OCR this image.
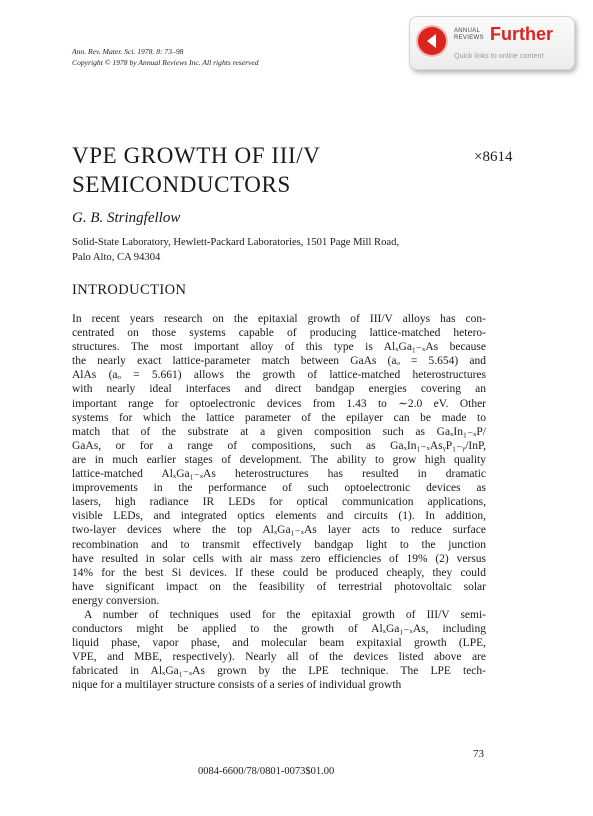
Ann. Rev. Mater. Sci. 1978. 8: 73–98
Copyright © 1978 by Annual Reviews Inc. All rights reserved
ANNUAL
REVIEWS Further
Quick links to online content
VPE GROWTH OF III/V
SEMICONDUCTORS
×8614
G. B. Stringfellow
Solid-State Laboratory, Hewlett-Packard Laboratories, 1501 Page Mill Road,
Palo Alto, CA 94304
INTRODUCTION

In recent years research on the epitaxial growth of III/V alloys has con-

centrated on those systems capable of producing lattice-matched hetero-

structures. The most important alloy of this type is AlₓGa₁₋ₓAs because

the nearly exact lattice-parameter match between GaAs (aₒ = 5.654) and

AlAs (aₒ = 5.661) allows the growth of lattice-matched heterostructures

with nearly ideal interfaces and direct bandgap energies covering an

important range for optoelectronic devices from 1.43 to ∼2.0 eV. Other

systems for which the lattice parameter of the epilayer can be made to

match that of the substrate at a given composition such as GaₓIn₁₋ₓP/

GaAs, or for a range of compositions, such as GaₓIn₁₋ₓAsᵧP₁₋ᵧ/InP,

are in much earlier stages of development. The ability to grow high quality

lattice-matched AlₓGa₁₋ₓAs heterostructures has resulted in dramatic

improvements in the performance of such optoelectronic devices as

lasers, high radiance IR LEDs for optical communication applications,

visible LEDs, and integrated optics elements and circuits (1). In addition,

two-layer devices where the top AlₓGa₁₋ₓAs layer acts to reduce surface

recombination and to transmit effectively bandgap light to the junction

have resulted in solar cells with air mass zero efficiencies of 19% (2) versus

14% for the best Si devices. If these could be produced cheaply, they could

have significant impact on the feasibility of terrestrial photovoltaic solar

energy conversion.

A number of techniques used for the epitaxial growth of III/V semi-

conductors might be applied to the growth of AlₓGa₁₋ₓAs, including

liquid phase, vapor phase, and molecular beam expitaxial growth (LPE,

VPE, and MBE, respectively). Nearly all of the devices listed above are

fabricated in AlₓGa₁₋ₓAs grown by the LPE technique. The LPE tech-

nique for a multilayer structure consists of a series of individual growth

73
0084-6600/78/0801-0073$01.00
